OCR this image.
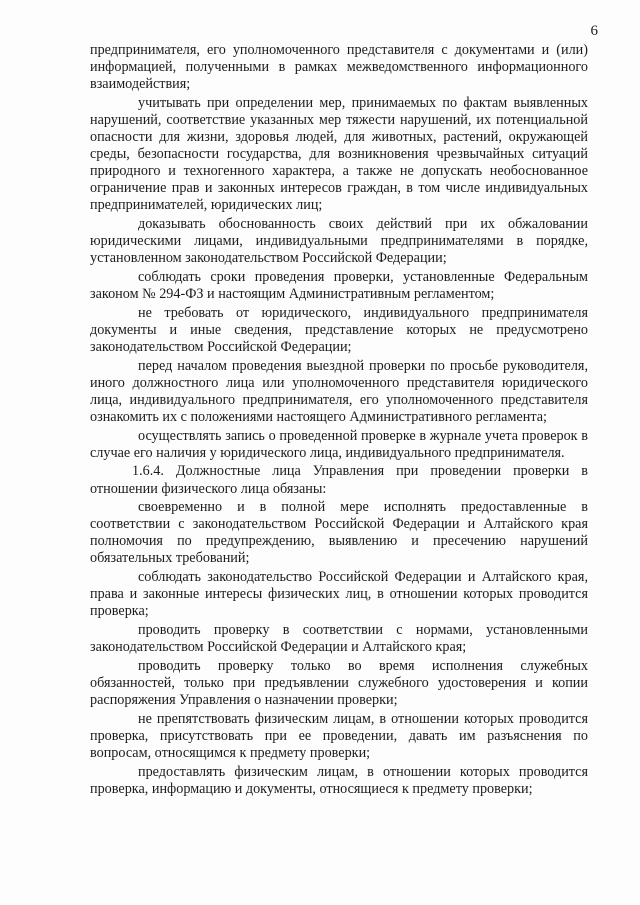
6

предпринимателя, его уполномоченного представителя с документами и (или) информацией, полученными в рамках межведомственного информационного взаимодействия;

учитывать при определении мер, принимаемых по фактам выявленных нарушений, соответствие указанных мер тяжести нарушений, их потенциальной опасности для жизни, здоровья людей, для животных, растений, окружающей среды, безопасности государства, для возникновения чрезвычайных ситуаций природного и техногенного характера, а также не допускать необоснованное ограничение прав и законных интересов граждан, в том числе индивидуальных предпринимателей, юридических лиц;

доказывать обоснованность своих действий при их обжаловании юридическими лицами, индивидуальными предпринимателями в порядке, установленном законодательством Российской Федерации;

соблюдать сроки проведения проверки, установленные Федеральным законом № 294-ФЗ и настоящим Административным регламентом;

не требовать от юридического, индивидуального предпринимателя документы и иные сведения, представление которых не предусмотрено законодательством Российской Федерации;

перед началом проведения выездной проверки по просьбе руководителя, иного должностного лица или уполномоченного представителя юридического лица, индивидуального предпринимателя, его уполномоченного представителя ознакомить их с положениями настоящего Административного регламента;

осуществлять запись о проведенной проверке в журнале учета проверок в случае его наличия у юридического лица, индивидуального предпринимателя.

1.6.4. Должностные лица Управления при проведении проверки в отношении физического лица обязаны:

своевременно и в полной мере исполнять предоставленные в соответствии с законодательством Российской Федерации и Алтайского края полномочия по предупреждению, выявлению и пресечению нарушений обязательных требований;

соблюдать законодательство Российской Федерации и Алтайского края, права и законные интересы физических лиц, в отношении которых проводится проверка;

проводить проверку в соответствии с нормами, установленными законодательством Российской Федерации и Алтайского края;

проводить проверку только во время исполнения служебных обязанностей, только при предъявлении служебного удостоверения и копии распоряжения Управления о назначении проверки;

не препятствовать физическим лицам, в отношении которых проводится проверка, присутствовать при ее проведении, давать им разъяснения по вопросам, относящимся к предмету проверки;

предоставлять физическим лицам, в отношении которых проводится проверка, информацию и документы, относящиеся к предмету проверки;
